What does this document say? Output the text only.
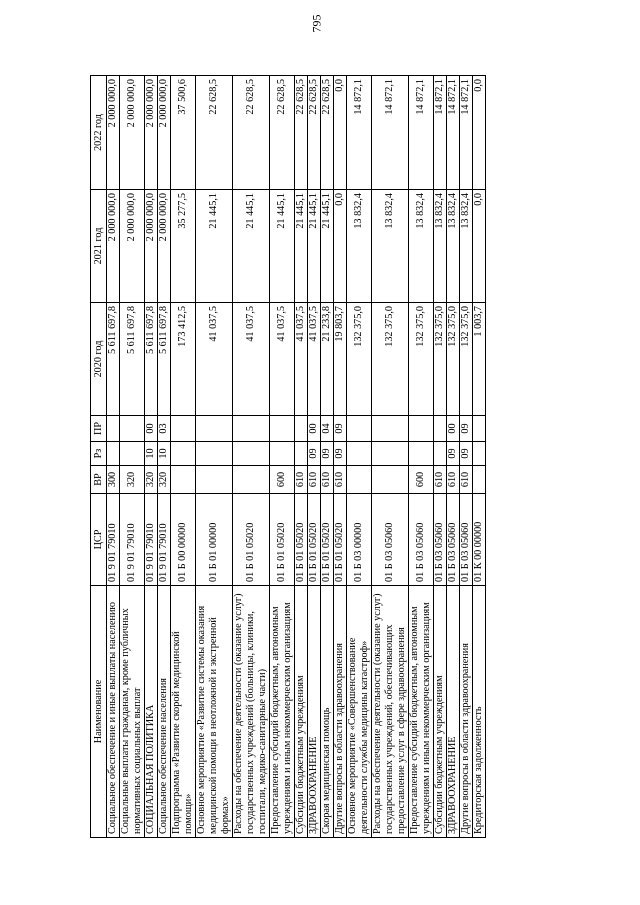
795
Наименование	ЦСР	ВР	Рз	ПР	2020 год	2021 год	2022 год
Социальное обеспечение и иные выплаты населению	01 9 01 79010	300			5 611 697,8	2 000 000,0	2 000 000,0
Социальные выплаты гражданам, кроме публичных нормативных социальных выплат	01 9 01 79010	320			5 611 697,8	2 000 000,0	2 000 000,0
СОЦИАЛЬНАЯ ПОЛИТИКА	01 9 01 79010	320	10	00	5 611 697,8	2 000 000,0	2 000 000,0
Социальное обеспечение населения	01 9 01 79010	320	10	03	5 611 697,8	2 000 000,0	2 000 000,0
Подпрограмма «Развитие скорой медицинской помощи»	01 Б 00 00000				173 412,5	35 277,5	37 500,6
Основное мероприятие «Развитие системы оказания медицинской помощи в неотложной и экстренной формах»	01 Б 01 00000				41 037,5	21 445,1	22 628,5
Расходы на обеспечение деятельности (оказание услуг) государственных учреждений (больницы, клиники, госпитали, медико-санитарные части)	01 Б 01 05020				41 037,5	21 445,1	22 628,5
Предоставление субсидий бюджетным, автономным учреждениям и иным некоммерческим организациям	01 Б 01 05020	600			41 037,5	21 445,1	22 628,5
Субсидии бюджетным учреждениям	01 Б 01 05020	610			41 037,5	21 445,1	22 628,5
ЗДРАВООХРАНЕНИЕ	01 Б 01 05020	610	09	00	41 037,5	21 445,1	22 628,5
Скорая медицинская помощь	01 Б 01 05020	610	09	04	21 233,8	21 445,1	22 628,5
Другие вопросы в области здравоохранения	01 Б 01 05020	610	09	09	19 803,7	0,0	0,0
Основное мероприятие «Совершенствование деятельности службы медицины катастроф»	01 Б 03 00000				132 375,0	13 832,4	14 872,1
Расходы на обеспечение деятельности (оказание услуг) государственных учреждений, обеспечивающих предоставление услуг в сфере здравоохранения	01 Б 03 05060				132 375,0	13 832,4	14 872,1
Предоставление субсидий бюджетным, автономным учреждениям и иным некоммерческим организациям	01 Б 03 05060	600			132 375,0	13 832,4	14 872,1
Субсидии бюджетным учреждениям	01 Б 03 05060	610			132 375,0	13 832,4	14 872,1
ЗДРАВООХРАНЕНИЕ	01 Б 03 05060	610	09	00	132 375,0	13 832,4	14 872,1
Другие вопросы в области здравоохранения	01 Б 03 05060	610	09	09	132 375,0	13 832,4	14 872,1
Кредиторская задолженность	01 К 00 00000				1 003,7	0,0	0,0
